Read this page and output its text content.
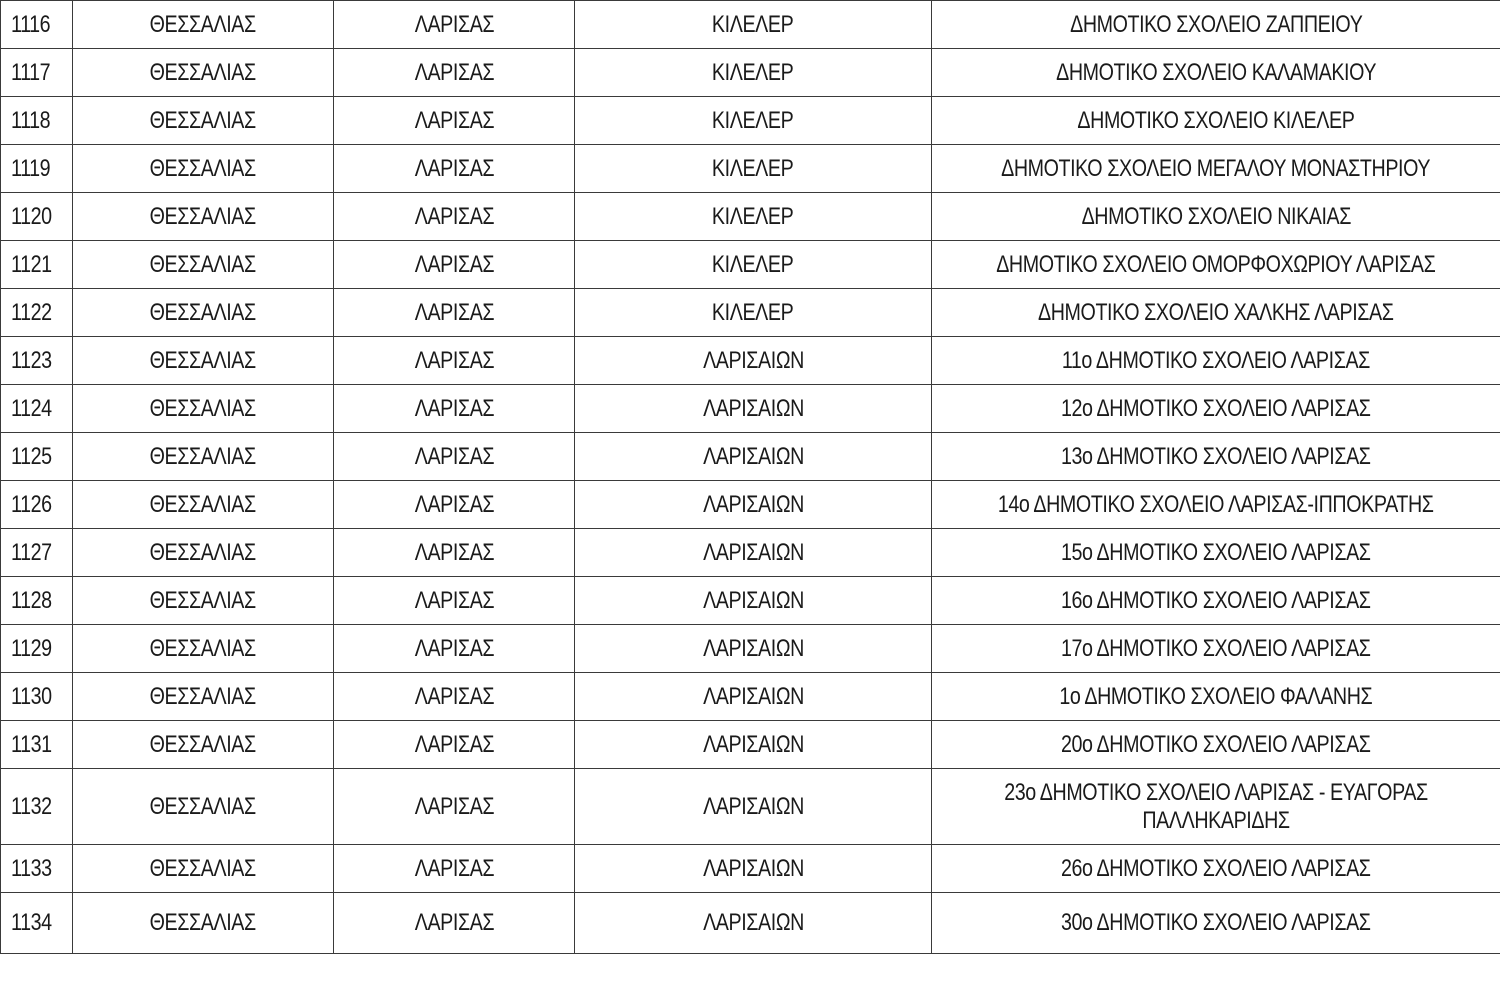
1116	ΘΕΣΣΑΛΙΑΣ	ΛΑΡΙΣΑΣ	ΚΙΛΕΛΕΡ	ΔΗΜΟΤΙΚΟ ΣΧΟΛΕΙΟ ΖΑΠΠΕΙΟΥ
1117	ΘΕΣΣΑΛΙΑΣ	ΛΑΡΙΣΑΣ	ΚΙΛΕΛΕΡ	ΔΗΜΟΤΙΚΟ ΣΧΟΛΕΙΟ ΚΑΛΑΜΑΚΙΟΥ
1118	ΘΕΣΣΑΛΙΑΣ	ΛΑΡΙΣΑΣ	ΚΙΛΕΛΕΡ	ΔΗΜΟΤΙΚΟ ΣΧΟΛΕΙΟ ΚΙΛΕΛΕΡ
1119	ΘΕΣΣΑΛΙΑΣ	ΛΑΡΙΣΑΣ	ΚΙΛΕΛΕΡ	ΔΗΜΟΤΙΚΟ ΣΧΟΛΕΙΟ ΜΕΓΑΛΟΥ ΜΟΝΑΣΤΗΡΙΟΥ
1120	ΘΕΣΣΑΛΙΑΣ	ΛΑΡΙΣΑΣ	ΚΙΛΕΛΕΡ	ΔΗΜΟΤΙΚΟ ΣΧΟΛΕΙΟ ΝΙΚΑΙΑΣ
1121	ΘΕΣΣΑΛΙΑΣ	ΛΑΡΙΣΑΣ	ΚΙΛΕΛΕΡ	ΔΗΜΟΤΙΚΟ ΣΧΟΛΕΙΟ ΟΜΟΡΦΟΧΩΡΙΟΥ ΛΑΡΙΣΑΣ
1122	ΘΕΣΣΑΛΙΑΣ	ΛΑΡΙΣΑΣ	ΚΙΛΕΛΕΡ	ΔΗΜΟΤΙΚΟ ΣΧΟΛΕΙΟ ΧΑΛΚΗΣ ΛΑΡΙΣΑΣ
1123	ΘΕΣΣΑΛΙΑΣ	ΛΑΡΙΣΑΣ	ΛΑΡΙΣΑΙΩΝ	11ο ΔΗΜΟΤΙΚΟ ΣΧΟΛΕΙΟ ΛΑΡΙΣΑΣ
1124	ΘΕΣΣΑΛΙΑΣ	ΛΑΡΙΣΑΣ	ΛΑΡΙΣΑΙΩΝ	12ο ΔΗΜΟΤΙΚΟ ΣΧΟΛΕΙΟ ΛΑΡΙΣΑΣ
1125	ΘΕΣΣΑΛΙΑΣ	ΛΑΡΙΣΑΣ	ΛΑΡΙΣΑΙΩΝ	13ο ΔΗΜΟΤΙΚΟ ΣΧΟΛΕΙΟ ΛΑΡΙΣΑΣ
1126	ΘΕΣΣΑΛΙΑΣ	ΛΑΡΙΣΑΣ	ΛΑΡΙΣΑΙΩΝ	14ο ΔΗΜΟΤΙΚΟ ΣΧΟΛΕΙΟ ΛΑΡΙΣΑΣ-ΙΠΠΟΚΡΑΤΗΣ
1127	ΘΕΣΣΑΛΙΑΣ	ΛΑΡΙΣΑΣ	ΛΑΡΙΣΑΙΩΝ	15ο ΔΗΜΟΤΙΚΟ ΣΧΟΛΕΙΟ ΛΑΡΙΣΑΣ
1128	ΘΕΣΣΑΛΙΑΣ	ΛΑΡΙΣΑΣ	ΛΑΡΙΣΑΙΩΝ	16ο ΔΗΜΟΤΙΚΟ ΣΧΟΛΕΙΟ ΛΑΡΙΣΑΣ
1129	ΘΕΣΣΑΛΙΑΣ	ΛΑΡΙΣΑΣ	ΛΑΡΙΣΑΙΩΝ	17ο ΔΗΜΟΤΙΚΟ ΣΧΟΛΕΙΟ ΛΑΡΙΣΑΣ
1130	ΘΕΣΣΑΛΙΑΣ	ΛΑΡΙΣΑΣ	ΛΑΡΙΣΑΙΩΝ	1ο ΔΗΜΟΤΙΚΟ ΣΧΟΛΕΙΟ ΦΑΛΑΝΗΣ
1131	ΘΕΣΣΑΛΙΑΣ	ΛΑΡΙΣΑΣ	ΛΑΡΙΣΑΙΩΝ	20ο ΔΗΜΟΤΙΚΟ ΣΧΟΛΕΙΟ ΛΑΡΙΣΑΣ
1132	ΘΕΣΣΑΛΙΑΣ	ΛΑΡΙΣΑΣ	ΛΑΡΙΣΑΙΩΝ	23ο ΔΗΜΟΤΙΚΟ ΣΧΟΛΕΙΟ ΛΑΡΙΣΑΣ - ΕΥΑΓΟΡΑΣ ΠΑΛΛΗΚΑΡΙΔΗΣ
1133	ΘΕΣΣΑΛΙΑΣ	ΛΑΡΙΣΑΣ	ΛΑΡΙΣΑΙΩΝ	26ο ΔΗΜΟΤΙΚΟ ΣΧΟΛΕΙΟ ΛΑΡΙΣΑΣ
1134	ΘΕΣΣΑΛΙΑΣ	ΛΑΡΙΣΑΣ	ΛΑΡΙΣΑΙΩΝ	30ο ΔΗΜΟΤΙΚΟ ΣΧΟΛΕΙΟ ΛΑΡΙΣΑΣ
